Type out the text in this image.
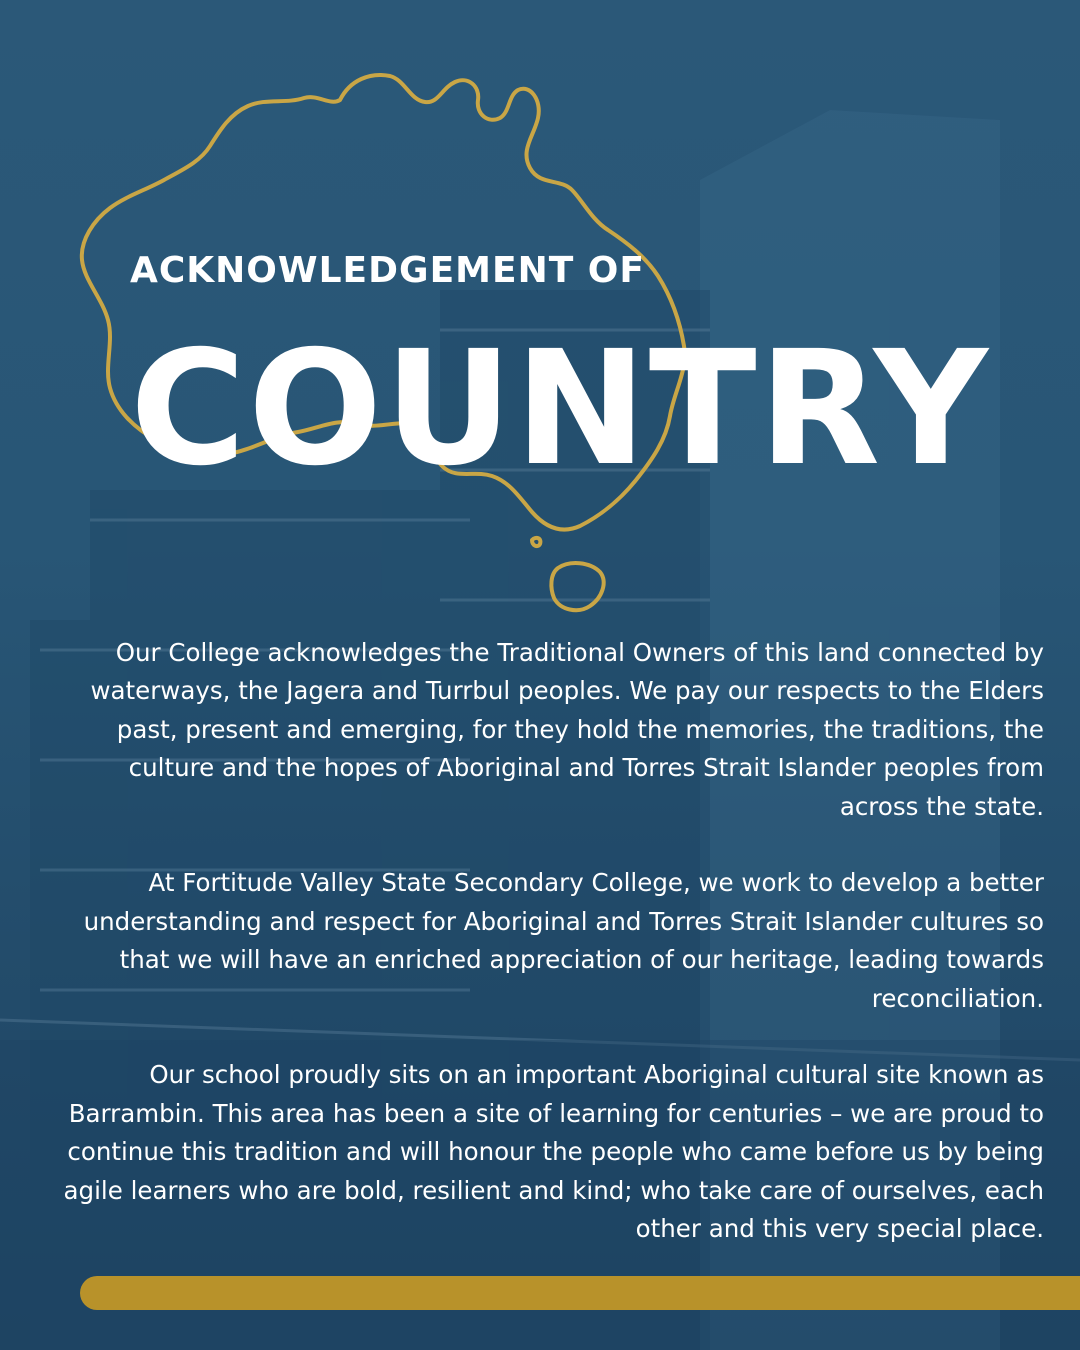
ACKNOWLEDGEMENT OF
COUNTRY

Our College acknowledges the Traditional Owners of this land connected by waterways, the Jagera and Turrbul peoples. We pay our respects to the Elders past, present and emerging, for they hold the memories, the traditions, the culture and the hopes of Aboriginal and Torres Strait Islander peoples from across the state.

At Fortitude Valley State Secondary College, we work to develop a better understanding and respect for Aboriginal and Torres Strait Islander cultures so that we will have an enriched appreciation of our heritage, leading towards reconciliation.

Our school proudly sits on an important Aboriginal cultural site known as Barrambin. This area has been a site of learning for centuries – we are proud to continue this tradition and will honour the people who came before us by being agile learners who are bold, resilient and kind; who take care of ourselves, each other and this very special place.
